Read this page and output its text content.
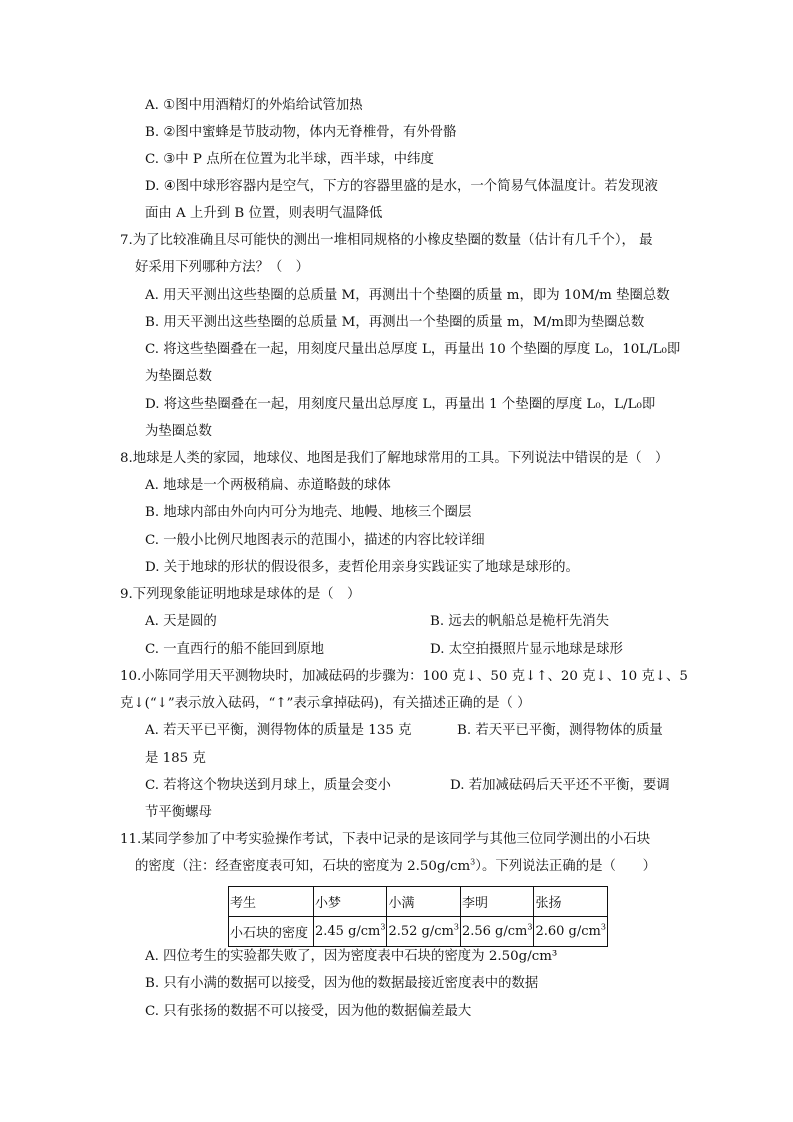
A. ①图中用酒精灯的外焰给试管加热
B. ②图中蜜蜂是节肢动物，体内无脊椎骨，有外骨骼
C. ③中 P 点所在位置为北半球，西半球，中纬度
D. ④图中球形容器内是空气，下方的容器里盛的是水，一个简易气体温度计。若发现液
面由 A 上升到 B 位置，则表明气温降低
7.为了比较准确且尽可能快的测出一堆相同规格的小橡皮垫圈的数量（估计有几千个）， 最
好采用下列哪种方法？（　）
A. 用天平测出这些垫圈的总质量 M，再测出十个垫圈的质量 m，即为 10M/m 垫圈总数
B. 用天平测出这些垫圈的总质量 M，再测出一个垫圈的质量 m，M/m即为垫圈总数
C. 将这些垫圈叠在一起，用刻度尺量出总厚度 L，再量出 10 个垫圈的厚度 L₀，10L/L₀即
为垫圈总数
D. 将这些垫圈叠在一起，用刻度尺量出总厚度 L，再量出 1 个垫圈的厚度 L₀，L/L₀即
为垫圈总数
8.地球是人类的家园，地球仪、地图是我们了解地球常用的工具。下列说法中错误的是（　）
A. 地球是一个两极稍扁、赤道略鼓的球体
B. 地球内部由外向内可分为地壳、地幔、地核三个圈层
C. 一般小比例尺地图表示的范围小，描述的内容比较详细
D. 关于地球的形状的假设很多，麦哲伦用亲身实践证实了地球是球形的。
9.下列现象能证明地球是球体的是（　）
A. 天是圆的	B. 远去的帆船总是桅杆先消失
C. 一直西行的船不能回到原地	D. 太空拍摄照片显示地球是球形
10.小陈同学用天平测物块时，加减砝码的步骤为：100 克↓、50 克↓↑、20 克↓、10 克↓、5
克↓(“↓”表示放入砝码，“↑”表示拿掉砝码)，有关描述正确的是（ ）
A. 若天平已平衡，测得物体的质量是 135 克	B. 若天平已平衡，测得物体的质量
是 185 克
C. 若将这个物块送到月球上，质量会变小	D. 若加减砝码后天平还不平衡，要调
节平衡螺母
11.某同学参加了中考实验操作考试，下表中记录的是该同学与其他三位同学测出的小石块
的密度（注：经查密度表可知，石块的密度为 $2.50g/cm^3$）。下列说法正确的是（　　）
考生	小梦	小满	李明	张扬
小石块的密度	2.45 $g/cm^3$	2.52 $g/cm^3$	2.56 $g/cm^3$	2.60 $g/cm^3$
A. 四位考生的实验都失败了，因为密度表中石块的密度为 2.50g/cm³
B. 只有小满的数据可以接受，因为他的数据最接近密度表中的数据
C. 只有张扬的数据不可以接受，因为他的数据偏差最大
